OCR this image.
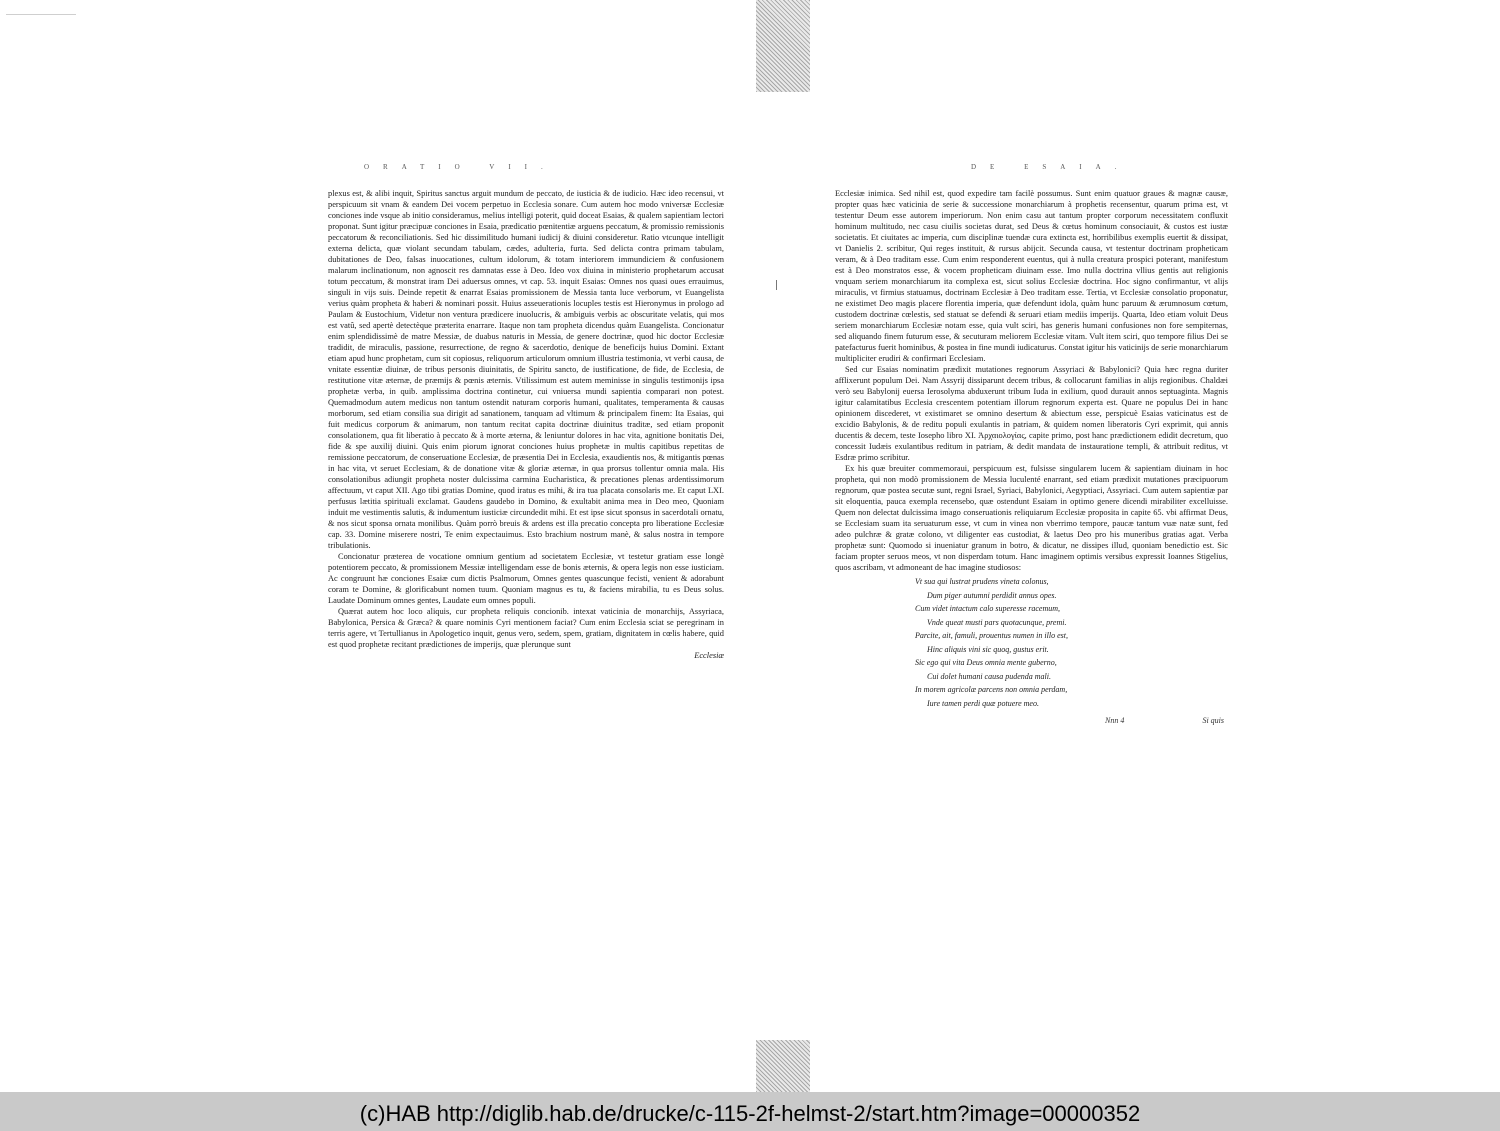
ORATIO VII.

plexus est, & alibi inquit, Spiritus sanctus arguit mundum de peccato, de iusticia & de iudicio. Hæc ideo recensui, vt perspicuum sit vnam & eandem Dei vocem perpetuo in Ecclesia sonare. Cum autem hoc modo vniversæ Ecclesiæ conciones inde vsque ab initio consideramus, melius intelligi poterit, quid doceat Esaias, & qualem sapientiam lectori proponat. Sunt igitur præcipuæ conciones in Esaia, prædicatio pœnitentiæ arguens peccatum, & promissio remissionis peccatorum & reconciliationis. Sed hic dissimilitudo humani iudicij & diuini consideretur. Ratio vtcunque intelligit externa delicta, quæ violant secundam tabulam, cædes, adulteria, furta. Sed delicta contra primam tabulam, dubitationes de Deo, falsas inuocationes, cultum idolorum, & totam interiorem immundiciem & confusionem malarum inclinationum, non agnoscit res damnatas esse à Deo. Ideo vox diuina in ministerio prophetarum accusat totum peccatum, & monstrat iram Dei aduersus omnes, vt cap. 53. inquit Esaias: Omnes nos quasi oues errauimus, singuli in vijs suis. Deinde repetit & enarrat Esaias promissionem de Messia tanta luce verborum, vt Euangelista verius quàm propheta & haberi & nominari possit. Huius asseuerationis locuples testis est Hieronymus in prologo ad Paulam & Eustochium, Videtur non ventura prædicere inuolucris, & ambiguis verbis ac obscuritate velatis, qui mos est vatû, sed apertè detectèque præterita enarrare. Itaque non tam propheta dicendus quàm Euangelista. Concionatur enim splendidissimè de matre Messiæ, de duabus naturis in Messia, de genere doctrinæ, quod hic doctor Ecclesiæ tradidit, de miraculis, passione, resurrectione, de regno & sacerdotio, denique de beneficijs huius Domini. Extant etiam apud hunc prophetam, cum sit copiosus, reliquorum articulorum omnium illustria testimonia, vt verbi causa, de vnitate essentiæ diuinæ, de tribus personis diuinitatis, de Spiritu sancto, de iustificatione, de fide, de Ecclesia, de restitutione vitæ æternæ, de præmijs & pœnis æternis. Vtilissimum est autem meminisse in singulis testimonijs ipsa prophetæ verba, in quib. amplissima doctrina continetur, cui vniuersa mundi sapientia comparari non potest. Quemadmodum autem medicus non tantum ostendit naturam corporis humani, qualitates, temperamenta & causas morborum, sed etiam consilia sua dirigit ad sanationem, tanquam ad vltimum & principalem finem: Ita Esaias, qui fuit medicus corporum & animarum, non tantum recitat capita doctrinæ diuinitus traditæ, sed etiam proponit consolationem, qua fit liberatio à peccato & à morte æterna, & leniuntur dolores in hac vita, agnitione bonitatis Dei, fide & spe auxilij diuini. Quis enim piorum ignorat conciones huius prophetæ in multis capitibus repetitas de remissione peccatorum, de conseruatione Ecclesiæ, de præsentia Dei in Ecclesia, exaudientis nos, & mitigantis pœnas in hac vita, vt seruet Ecclesiam, & de donatione vitæ & gloriæ æternæ, in qua prorsus tollentur omnia mala. His consolationibus adiungit propheta noster dulcissima carmina Eucharistica, & precationes plenas ardentissimorum affectuum, vt caput XII. Ago tibi gratias Domine, quod iratus es mihi, & ira tua placata consolaris me. Et caput LXI. perfusus lætitia spirituali exclamat. Gaudens gaudebo in Domino, & exultabit anima mea in Deo meo, Quoniam induit me vestimentis salutis, & indumentum iusticiæ circundedit mihi. Et est ipse sicut sponsus in sacerdotali ornatu, & nos sicut sponsa ornata monilibus. Quàm porrò breuis & ardens est illa precatio concepta pro liberatione Ecclesiæ cap. 33. Domine miserere nostri, Te enim expectauimus. Esto brachium nostrum manè, & salus nostra in tempore tribulationis.

Concionatur præterea de vocatione omnium gentium ad societatem Ecclesiæ, vt testetur gratiam esse longè potentiorem peccato, & promissionem Messiæ intelligendam esse de bonis æternis, & opera legis non esse iusticiam. Ac congruunt hæ conciones Esaiæ cum dictis Psalmorum, Omnes gentes quascunque fecisti, venient & adorabunt coram te Domine, & glorificabunt nomen tuum. Quoniam magnus es tu, & faciens mirabilia, tu es Deus solus. Laudate Dominum omnes gentes, Laudate eum omnes populi.

Quærat autem hoc loco aliquis, cur propheta reliquis concionib. intexat vaticinia de monarchijs, Assyriaca, Babylonica, Persica & Græca? & quare nominis Cyri mentionem faciat? Cum enim Ecclesia sciat se peregrinam in terris agere, vt Tertullianus in Apologetico inquit, genus vero, sedem, spem, gratiam, dignitatem in cœlis habere, quid est quod prophetæ recitant prædictiones de imperijs, quæ plerunque sunt

Ecclesiæ
DE ESAIA.

Ecclesiæ inimica. Sed nihil est, quod expedire tam facilè possumus. Sunt enim quatuor graues & magnæ causæ, propter quas hæc vaticinia de serie & successione monarchiarum à prophetis recensentur, quarum prima est, vt testentur Deum esse autorem imperiorum. Non enim casu aut tantum propter corporum necessitatem confluxit hominum multitudo, nec casu ciuilis societas durat, sed Deus & cœtus hominum consociauit, & custos est iustæ societatis. Et ciuitates ac imperia, cum disciplinæ tuendæ cura extincta est, horribilibus exemplis euertit & dissipat, vt Danielis 2. scribitur, Qui reges instituit, & rursus abijcit. Secunda causa, vt testentur doctrinam propheticam veram, & à Deo traditam esse. Cum enim responderent euentus, qui à nulla creatura prospici poterant, manifestum est à Deo monstratos esse, & vocem propheticam diuinam esse. Imo nulla doctrina vllius gentis aut religionis vnquam seriem monarchiarum ita complexa est, sicut solius Ecclesiæ doctrina. Hoc signo confirmantur, vt alijs miraculis, vt firmius statuamus, doctrinam Ecclesiæ à Deo traditam esse. Tertia, vt Ecclesiæ consolatio proponatur, ne existimet Deo magis placere florentia imperia, quæ defendunt idola, quàm hunc paruum & ærumnosum cœtum, custodem doctrinæ cœlestis, sed statuat se defendi & seruari etiam mediis imperijs. Quarta, Ideo etiam voluit Deus seriem monarchiarum Ecclesiæ notam esse, quia vult sciri, has generis humani confusiones non fore sempiternas, sed aliquando finem futurum esse, & secuturam meliorem Ecclesiæ vitam. Vult item sciri, quo tempore filius Dei se patefacturus fuerit hominibus, & postea in fine mundi iudicaturus. Constat igitur his vaticinijs de serie monarchiarum multipliciter erudiri & confirmari Ecclesiam.

Sed cur Esaias nominatim prædixit mutationes regnorum Assyriaci & Babylonici? Quia hæc regna duriter afflixerunt populum Dei. Nam Assyrij dissiparunt decem tribus, & collocarunt familias in alijs regionibus. Chaldæi verò seu Babylonij euersa Ierosolyma abduxerunt tribum Iuda in exilium, quod durauit annos septuaginta. Magnis igitur calamitatibus Ecclesia crescentem potentiam illorum regnorum experta est. Quare ne populus Dei in hanc opinionem discederet, vt existimaret se omnino desertum & abiectum esse, perspicuè Esaias vaticinatus est de excidio Babylonis, & de reditu populi exulantis in patriam, & quidem nomen liberatoris Cyri exprimit, qui annis ducentis & decem, teste Iosepho libro XI. Ἀρχαιολογίας, capite primo, post hanc prædictionem edidit decretum, quo concessit Iudæis exulantibus reditum in patriam, & dedit mandata de instauratione templi, & attribuit reditus, vt Esdræ primo scribitur.

Ex his quæ breuiter commemoraui, perspicuum est, fulsisse singularem lucem & sapientiam diuinam in hoc propheta, qui non modò promissionem de Messia luculenté enarrant, sed etiam prædixit mutationes præcipuorum regnorum, quæ postea secutæ sunt, regni Israel, Syriaci, Babylonici, Aegyptiaci, Assyriaci. Cum autem sapientiæ par sit eloquentia, pauca exempla recensebo, quæ ostendunt Esaiam in optimo genere dicendi mirabiliter excelluisse. Quem non delectat dulcissima imago conseruationis reliquiarum Ecclesiæ proposita in capite 65. vbi affirmat Deus, se Ecclesiam suam ita seruaturum esse, vt cum in vinea non vberrimo tempore, paucæ tantum vuæ natæ sunt, fed adeo pulchræ & gratæ colono, vt diligenter eas custodiat, & laetus Deo pro his muneribus gratias agat. Verba prophetæ sunt: Quomodo si inueniatur granum in botro, & dicatur, ne dissipes illud, quoniam benedictio est. Sic faciam propter seruos meos, vt non disperdam totum. Hanc imaginem optimis versibus expressit Ioannes Stigelius, quos ascribam, vt admoneant de hac imagine studiosos:

Vt sua qui lustrat prudens vineta colonus,
Dum piger autumni perdidit annus opes.
Cum videt intactum calo superesse racemum,
Vnde queat musti pars quotacunque, premi.
Parcite, ait, famuli, prouentus numen in illo est,
Hinc aliquis vini sic quoq, gustus erit.
Sic ego qui vita Deus omnia mente guberno,
Cui dolet humani causa pudenda mali.
In morem agricolæ parcens non omnia perdam,
Iure tamen perdi quæ potuere meo.
Nnn 4	Si quis
(c)HAB http://diglib.hab.de/drucke/c-115-2f-helmst-2/start.htm?image=00000352
